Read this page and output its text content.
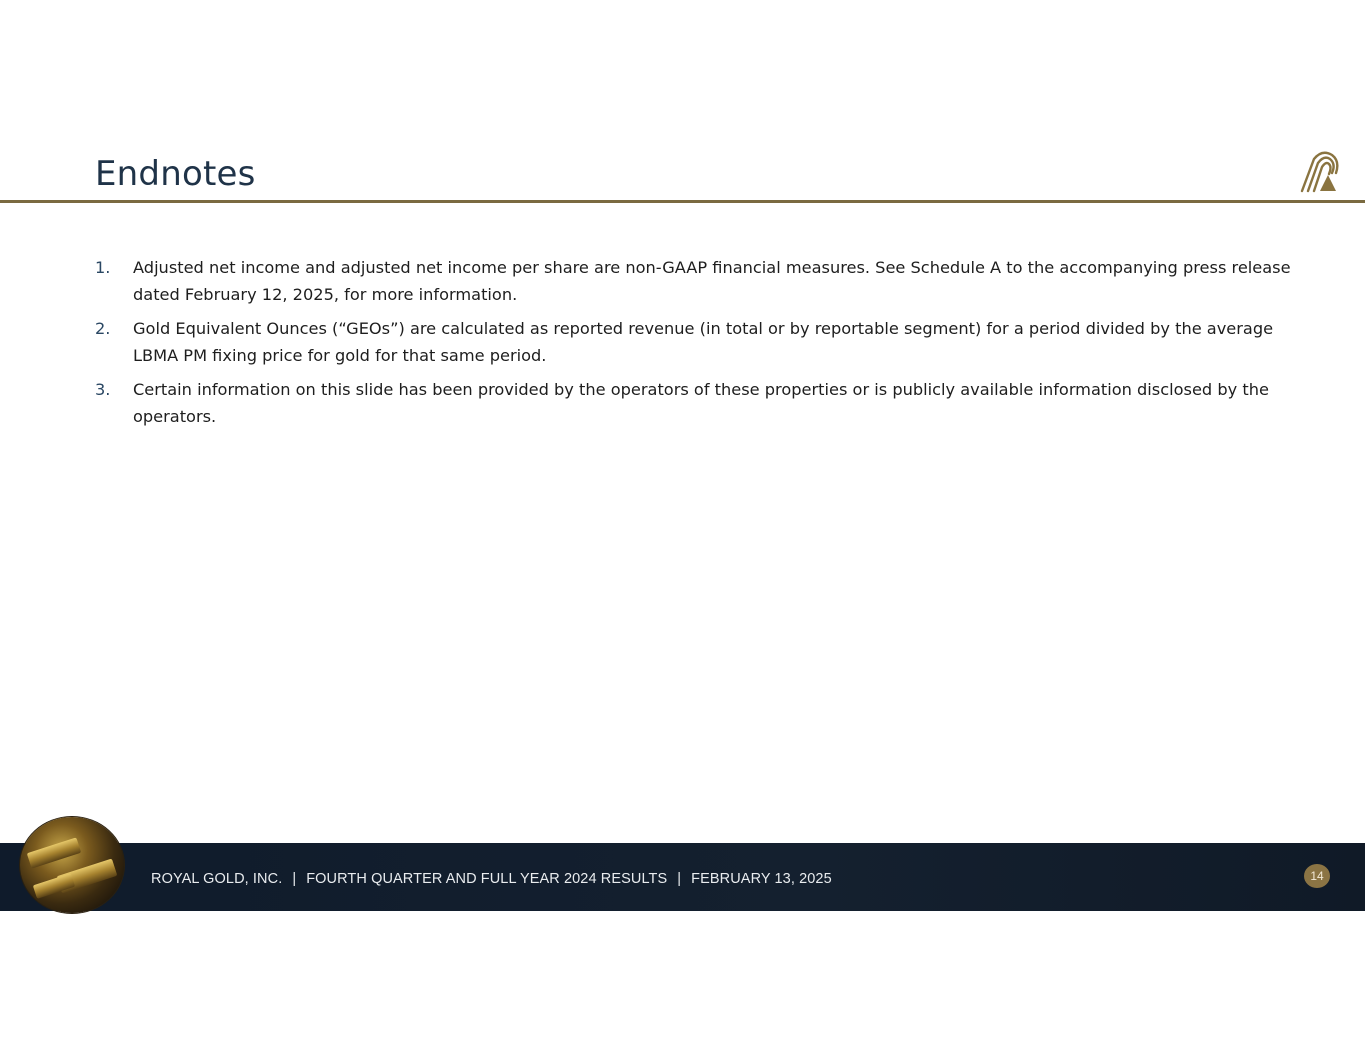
Endnotes
1. Adjusted net income and adjusted net income per share are non-GAAP financial measures. See Schedule A to the accompanying press release dated February 12, 2025, for more information.
2. Gold Equivalent Ounces (“GEOs”) are calculated as reported revenue (in total or by reportable segment) for a period divided by the average LBMA PM fixing price for gold for that same period.
3. Certain information on this slide has been provided by the operators of these properties or is publicly available information disclosed by the operators.
ROYAL GOLD, INC. | FOURTH QUARTER AND FULL YEAR 2024 RESULTS | FEBRUARY 13, 2025	14
